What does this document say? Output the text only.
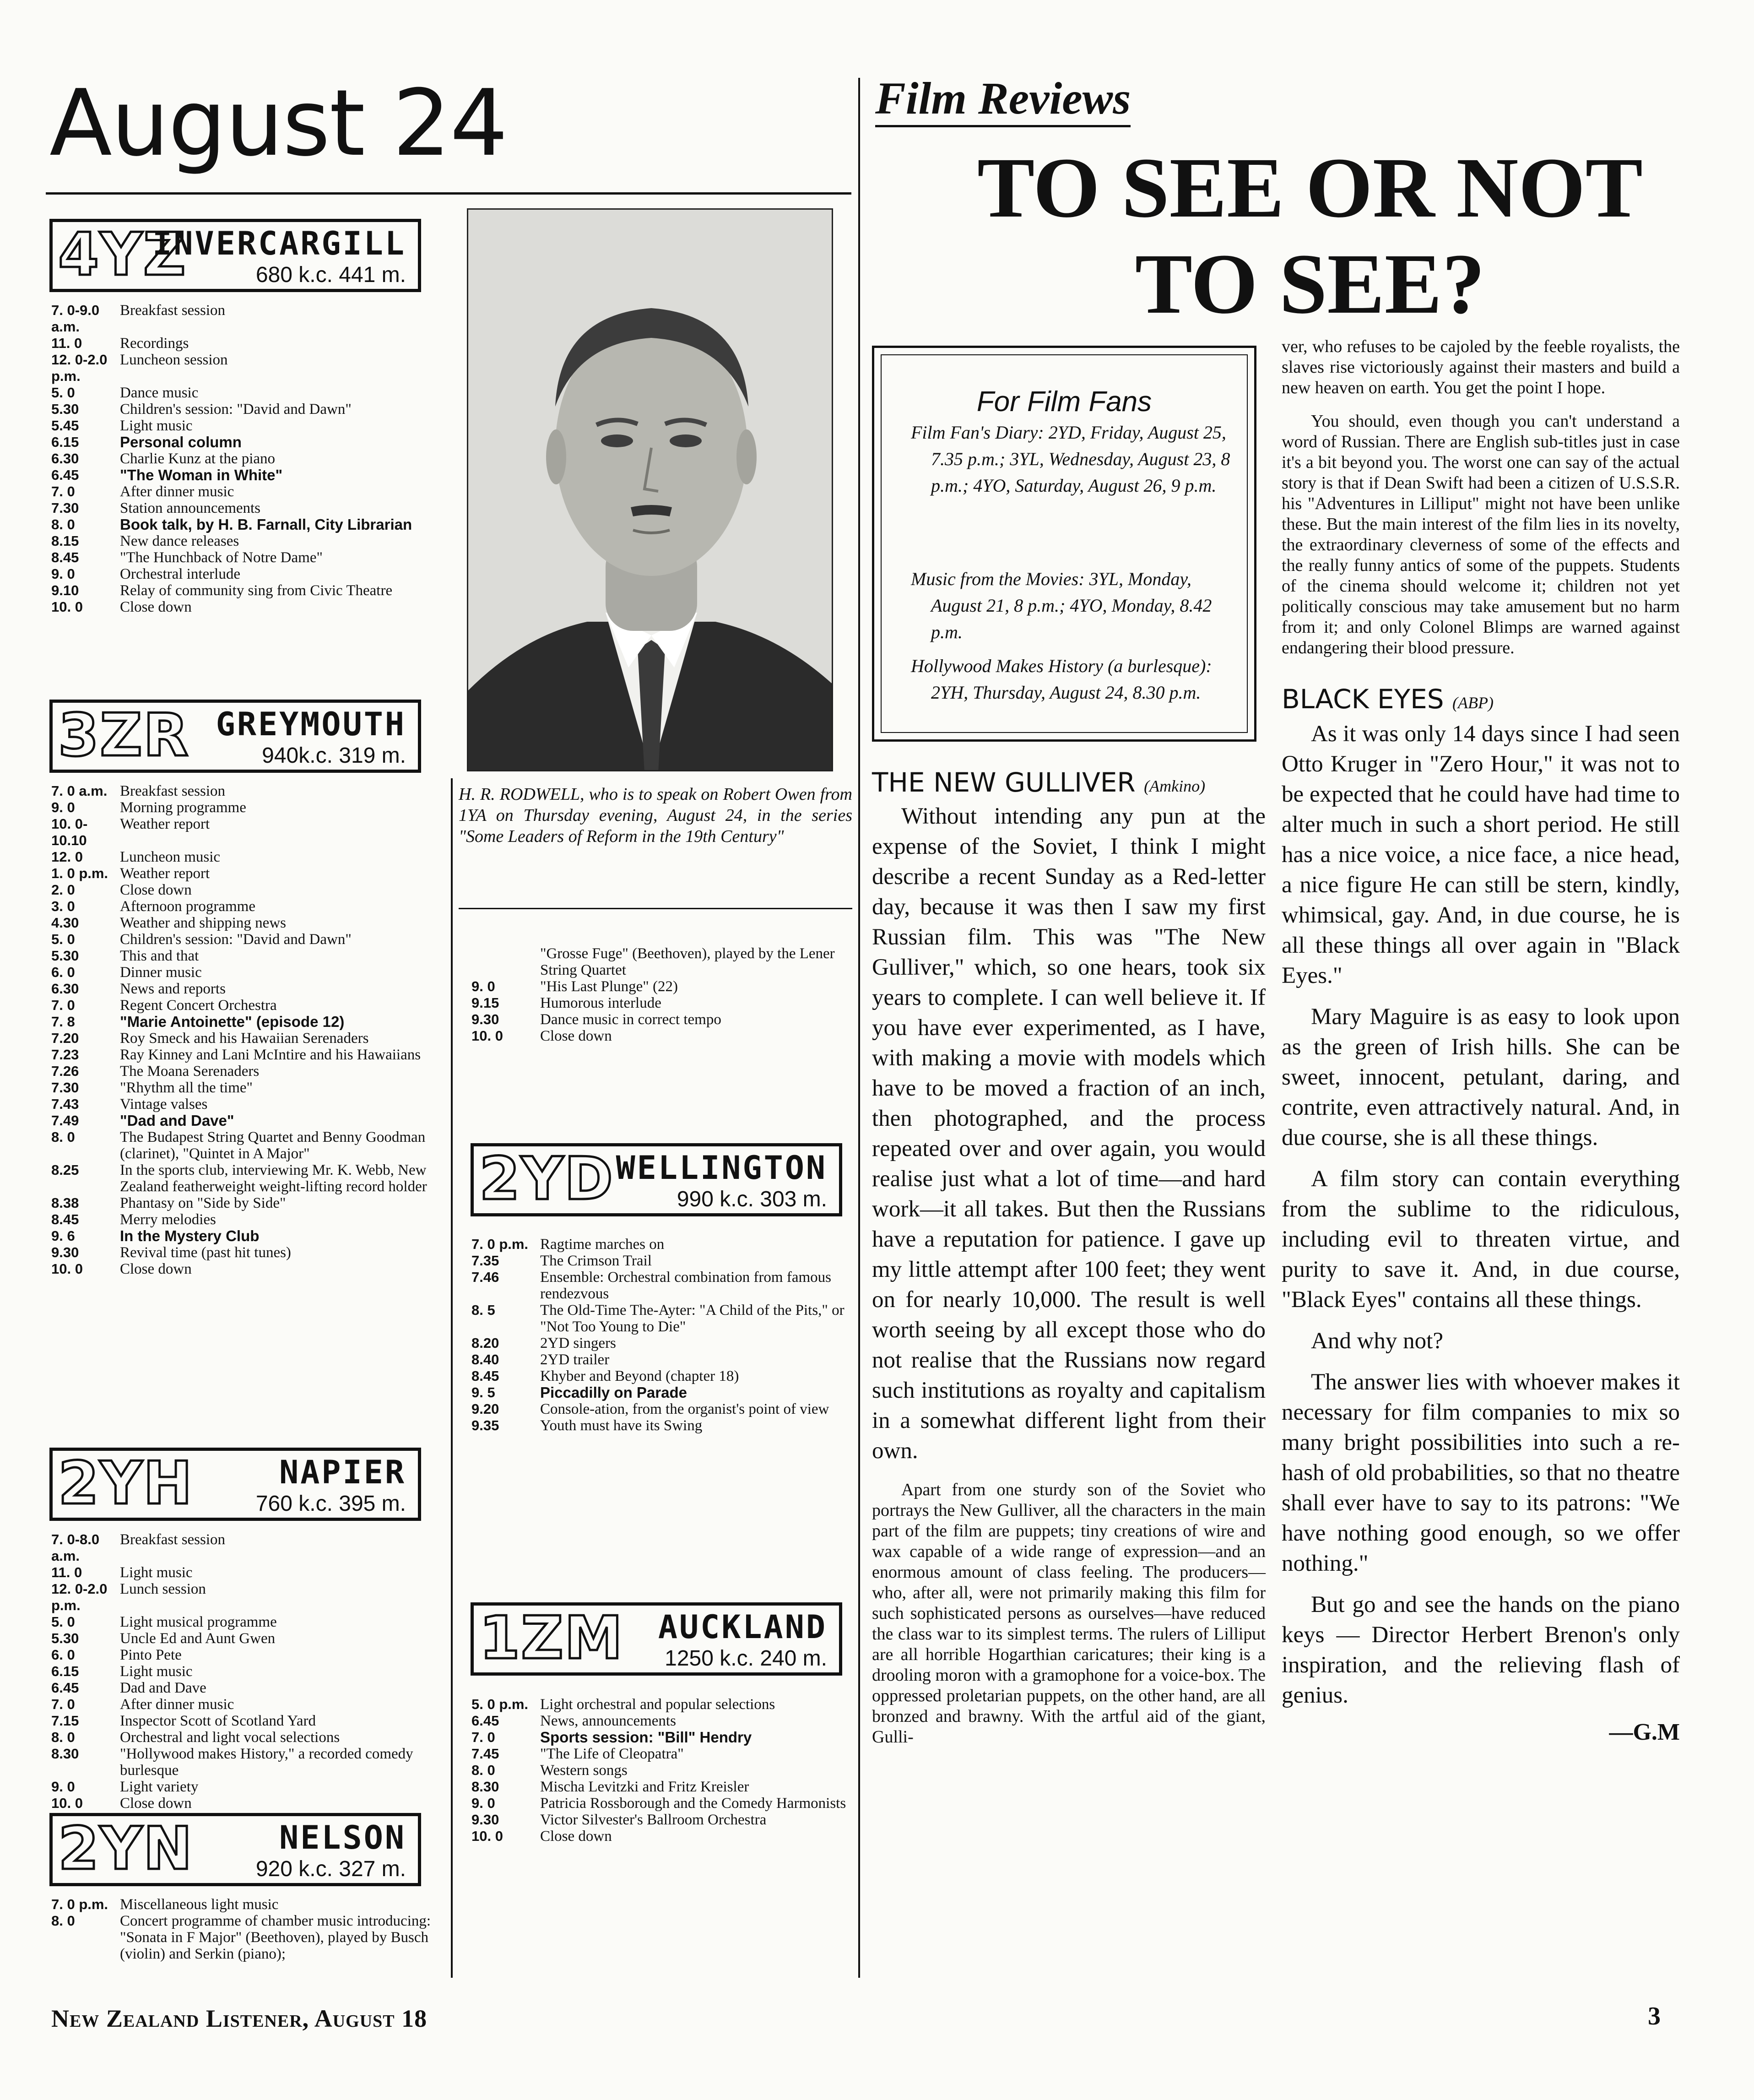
August 24
4YZ
INVERCARGILL
680 k.c. 441 m.
7. 0-9.0 a.m.
Breakfast session
11. 0	Recordings
12. 0-2.0 p.m.
Luncheon session
5. 0	Dance music
5.30	Children's session: "David and Dawn"
5.45	Light music
6.15	Personal column
6.30	Charlie Kunz at the piano
6.45	"The Woman in White"
7. 0	After dinner music
7.30	Station announcements
8. 0	Book talk, by H. B. Farnall, City Librarian
8.15	New dance releases
8.45	"The Hunchback of Notre Dame"
9. 0	Orchestral interlude
9.10	Relay of community sing from Civic Theatre
10. 0	Close down
3ZR GREYMOUTH
940k.c. 319 m.
7. 0 a.m. Breakfast session
9. 0	Morning programme
10. 0-10.10
Weather report
12. 0	Luncheon music
1. 0 p.m. Weather report
2. 0	Close down
3. 0	Afternoon programme
4.30	Weather and shipping news
5. 0	Children's session: "David and Dawn"
5.30	This and that
6. 0	Dinner music
6.30	News and reports
7. 0	Regent Concert Orchestra
7. 8	"Marie Antoinette" (episode 12)
7.20	Roy Smeck and his Hawaiian Serenaders
7.23	Ray Kinney and Lani McIntire and his Hawaiians
7.26	The Moana Serenaders
7.30	"Rhythm all the time"
7.43	Vintage valses
7.49	"Dad and Dave"
8. 0	The Budapest String Quartet and Benny Goodman (clarinet), "Quintet in A Major"
8.25	In the sports club, interviewing Mr. K. Webb, New Zealand featherweight weight-lifting record holder
8.38	Phantasy on "Side by Side"
8.45	Merry melodies
9. 6	In the Mystery Club
9.30	Revival time (past hit tunes)
10. 0	Close down
2YH	NAPIER
760 k.c. 395 m.
7. 0-8.0 a.m.
Breakfast session
11. 0	Light music
12. 0-2.0 p.m.
Lunch session
5. 0	Light musical programme
5.30	Uncle Ed and Aunt Gwen
6. 0	Pinto Pete
6.15	Light music
6.45	Dad and Dave
7. 0	After dinner music
7.15	Inspector Scott of Scotland Yard
8. 0	Orchestral and light vocal selections
8.30	"Hollywood makes History," a recorded comedy burlesque
9. 0	Light variety
10. 0	Close down
2YN	NELSON
920 k.c. 327 m.
7. 0 p.m. Miscellaneous light music
8. 0	Concert programme of chamber music introducing: "Sonata in F Major" (Beethoven), played by Busch (violin) and Serkin (piano);
H. R. RODWELL, who is to speak on Robert Owen from 1YA on Thursday evening, August 24, in the series "Some Leaders of Reform in the 19th Century"
"Grosse Fuge" (Beethoven), played by the Lener String Quartet
9. 0	"His Last Plunge" (22)
9.15	Humorous interlude
9.30	Dance music in correct tempo
10. 0	Close down
2YD WELLINGTON
990 k.c. 303 m.
7. 0 p.m. Ragtime marches on
7.35	The Crimson Trail
7.46	Ensemble: Orchestral combination from famous rendezvous
8. 5	The Old-Time The-Ayter: "A Child of the Pits," or "Not Too Young to Die"
8.20	2YD singers
8.40	2YD trailer
8.45	Khyber and Beyond (chapter 18)
9. 5	Piccadilly on Parade
9.20	Console-ation, from the organist's point of view
9.35	Youth must have its Swing
1ZM AUCKLAND
1250 k.c. 240 m.
5. 0 p.m. Light orchestral and popular selections
6.45	News, announcements
7. 0	Sports session: "Bill" Hendry
7.45	"The Life of Cleopatra"
8. 0	Western songs
8.30	Mischa Levitzki and Fritz Kreisler
9. 0	Patricia Rossborough and the Comedy Harmonists
9.30	Victor Silvester's Ballroom Orchestra
10. 0	Close down
Film Reviews
TO SEE OR NOT
TO SEE?
For Film Fans
Film Fan's Diary: 2YD, Friday, August 25, 7.35 p.m.; 3YL, Wednesday, August 23, 8 p.m.; 4YO, Saturday, August 26, 9 p.m.
Music from the Movies: 3YL, Monday, August 21, 8 p.m.; 4YO, Monday, 8.42 p.m.
Hollywood Makes History (a burlesque): 2YH, Thursday, August 24, 8.30 p.m.
THE NEW GULLIVER (Amkino)

Without intending any pun at the expense of the Soviet, I think I might describe a recent Sunday as a Red-letter day, because it was then I saw my first Russian film. This was "The New Gulliver," which, so one hears, took six years to complete. I can well believe it. If you have ever experimented, as I have, with making a movie with models which have to be moved a fraction of an inch, then photographed, and the process repeated over and over again, you would realise just what a lot of time—and hard work—it all takes. But then the Russians have a reputation for patience. I gave up my little attempt after 100 feet; they went on for nearly 10,000. The result is well worth seeing by all except those who do not realise that the Russians now regard such institutions as royalty and capitalism in a somewhat different light from their own.

Apart from one sturdy son of the Soviet who portrays the New Gulliver, all the characters in the main part of the film are puppets; tiny creations of wire and wax capable of a wide range of expression—and an enormous amount of class feeling. The producers—who, after all, were not primarily making this film for such sophisticated persons as ourselves—have reduced the class war to its simplest terms. The rulers of Lilliput are all horrible Hogarthian caricatures; their king is a drooling moron with a gramophone for a voice-box. The oppressed proletarian puppets, on the other hand, are all bronzed and brawny. With the artful aid of the giant, Gulli-

ver, who refuses to be cajoled by the feeble royalists, the slaves rise victoriously against their masters and build a new heaven on earth. You get the point I hope.

You should, even though you can't understand a word of Russian. There are English sub-titles just in case it's a bit beyond you. The worst one can say of the actual story is that if Dean Swift had been a citizen of U.S.S.R. his "Adventures in Lilliput" might not have been unlike these. But the main interest of the film lies in its novelty, the extraordinary cleverness of some of the effects and the really funny antics of some of the puppets. Students of the cinema should welcome it; children not yet politically conscious may take amusement but no harm from it; and only Colonel Blimps are warned against endangering their blood pressure.

BLACK EYES (ABP)

As it was only 14 days since I had seen Otto Kruger in "Zero Hour," it was not to be expected that he could have had time to alter much in such a short period. He still has a nice voice, a nice face, a nice head, a nice figure He can still be stern, kindly, whimsical, gay. And, in due course, he is all these things all over again in "Black Eyes."

Mary Maguire is as easy to look upon as the green of Irish hills. She can be sweet, innocent, petulant, daring, and contrite, even attractively natural. And, in due course, she is all these things.

A film story can contain everything from the sublime to the ridiculous, including evil to threaten virtue, and purity to save it. And, in due course, "Black Eyes" contains all these things.

And why not?

The answer lies with whoever makes it necessary for film companies to mix so many bright possibilities into such a re-hash of old probabilities, so that no theatre shall ever have to say to its patrons: "We have nothing good enough, so we offer nothing."

But go and see the hands on the piano keys — Director Herbert Brenon's only inspiration, and the relieving flash of genius.

—G.M
New Zealand Listener, August 18	3
